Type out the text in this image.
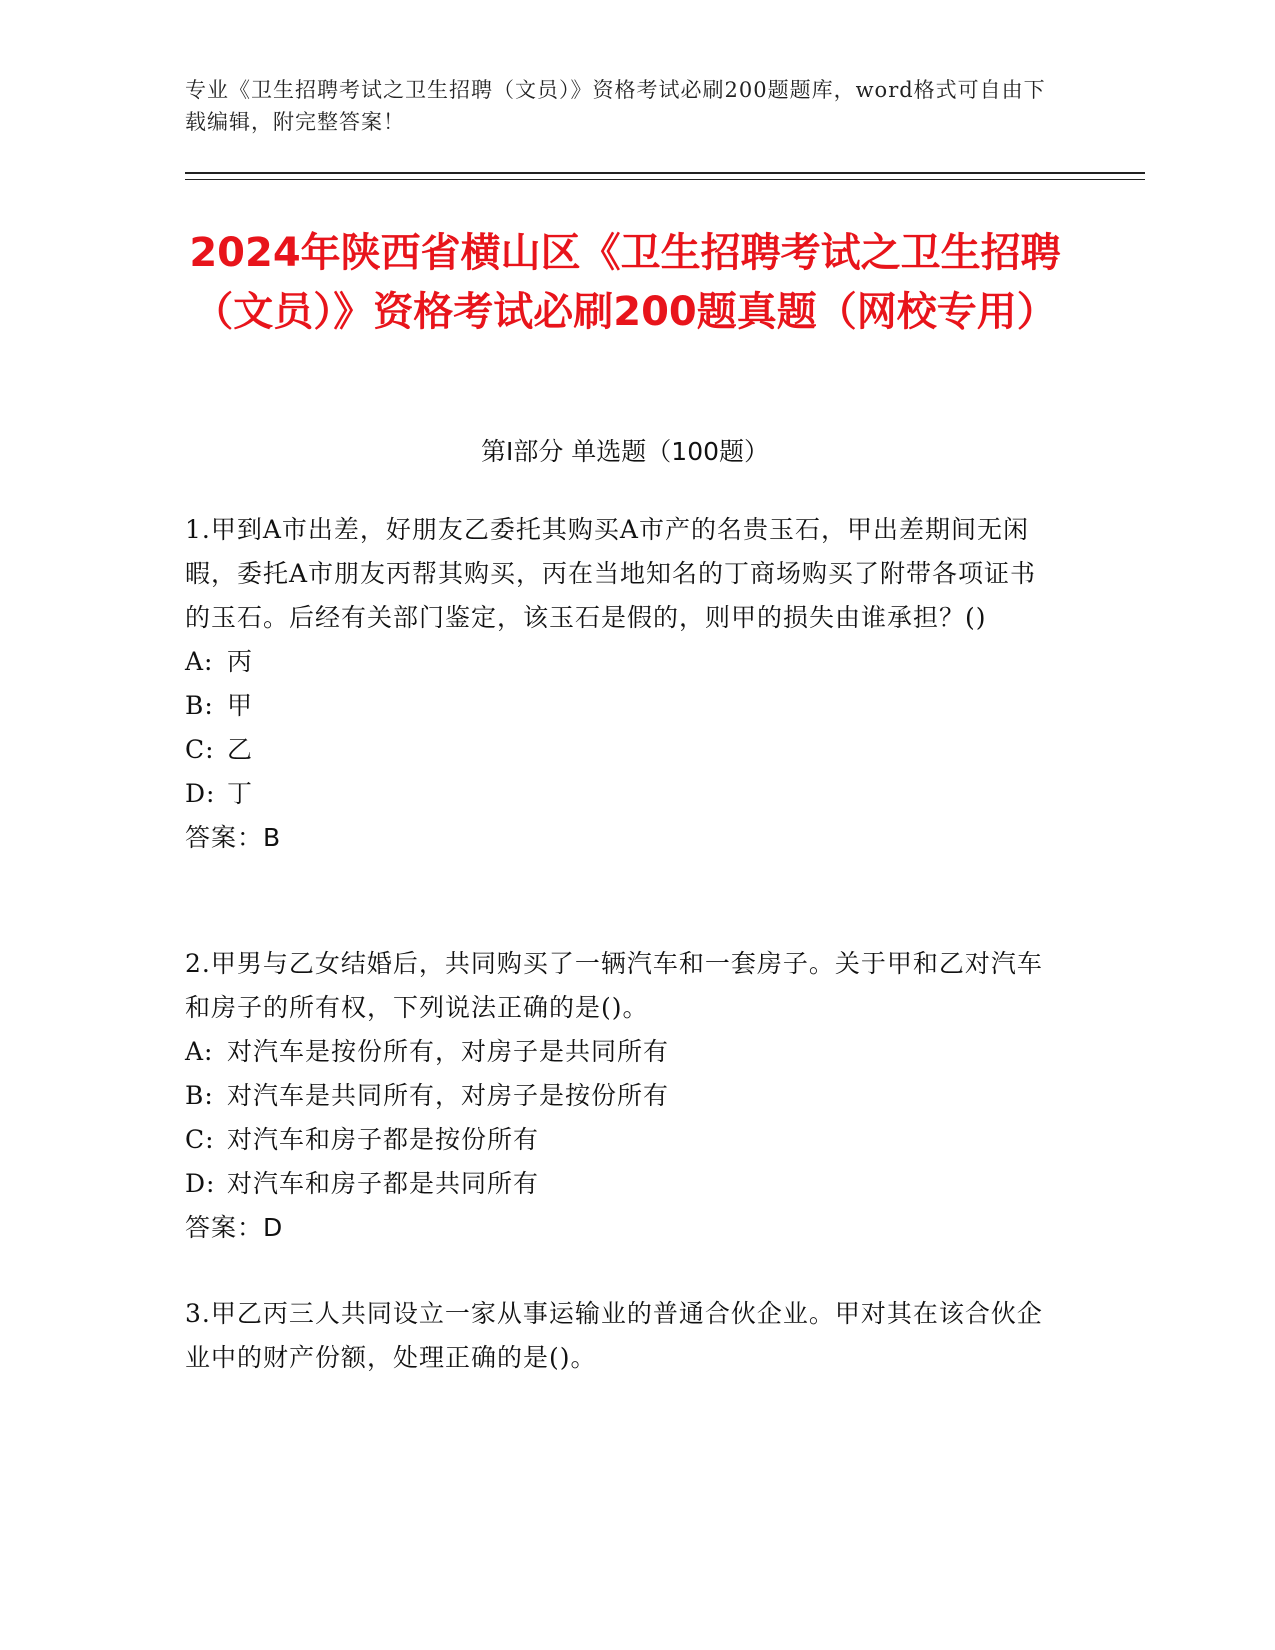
专业《卫生招聘考试之卫生招聘（文员）》资格考试必刷200题题库，word格式可自由下载编辑，附完整答案！
2024年陕西省横山区《卫生招聘考试之卫生招聘（文员）》资格考试必刷200题真题（网校专用）
第I部分 单选题（100题）

1.甲到A市出差，好朋友乙委托其购买A市产的名贵玉石，甲出差期间无闲暇，委托A市朋友丙帮其购买，丙在当地知名的丁商场购买了附带各项证书的玉石。后经有关部门鉴定，该玉石是假的，则甲的损失由谁承担？()

A: 丙
B: 甲
C: 乙
D: 丁

答案：B

2.甲男与乙女结婚后，共同购买了一辆汽车和一套房子。关于甲和乙对汽车和房子的所有权，下列说法正确的是()。

A: 对汽车是按份所有，对房子是共同所有
B: 对汽车是共同所有，对房子是按份所有
C: 对汽车和房子都是按份所有
D: 对汽车和房子都是共同所有

答案：D

3.甲乙丙三人共同设立一家从事运输业的普通合伙企业。甲对其在该合伙企业中的财产份额，处理正确的是()。
